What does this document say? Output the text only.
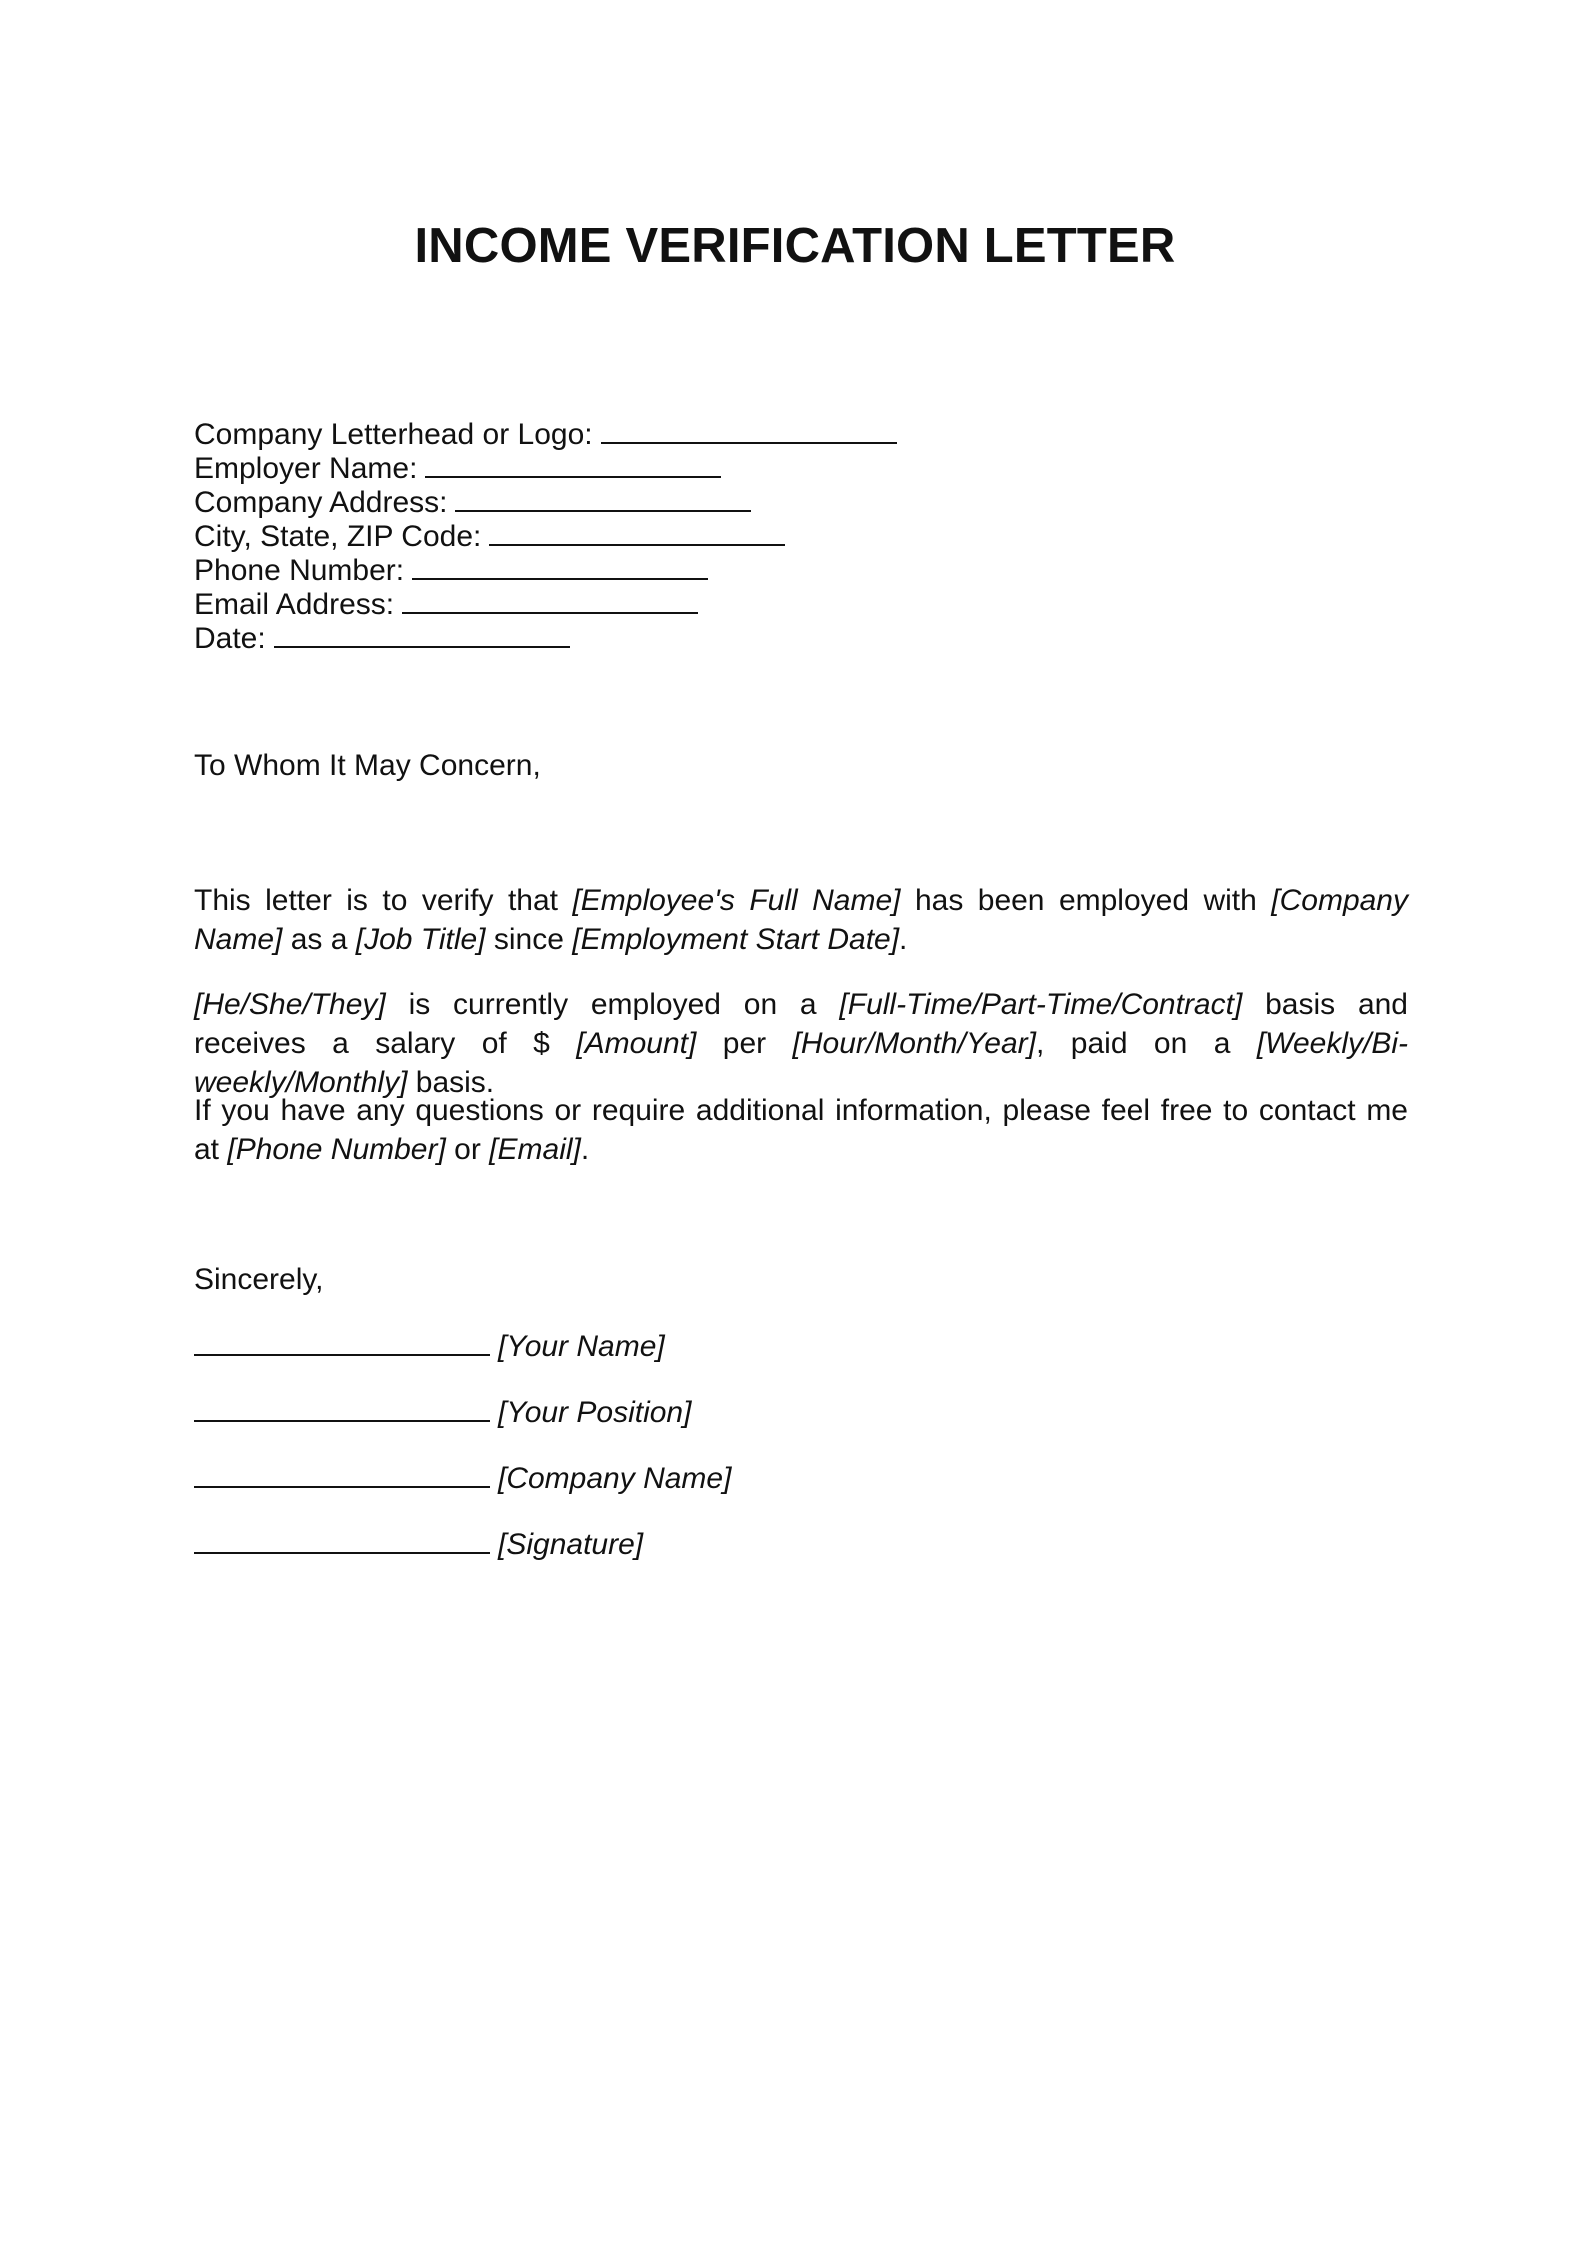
INCOME VERIFICATION LETTER
Company Letterhead or Logo:
Employer Name:
Company Address:
City, State, ZIP Code:
Phone Number:
Email Address:
Date:

To Whom It May Concern,

This letter is to verify that [Employee's Full Name] has been employed with [Company Name] as a [Job Title] since [Employment Start Date].

[He/She/They] is currently employed on a [Full-Time/Part-Time/Contract] basis and receives a salary of $ [Amount] per [Hour/Month/Year], paid on a [Weekly/Bi-weekly/Monthly] basis.

If you have any questions or require additional information, please feel free to contact me at [Phone Number] or [Email].

Sincerely,

[Your Name]
[Your Position]
[Company Name]
[Signature]
